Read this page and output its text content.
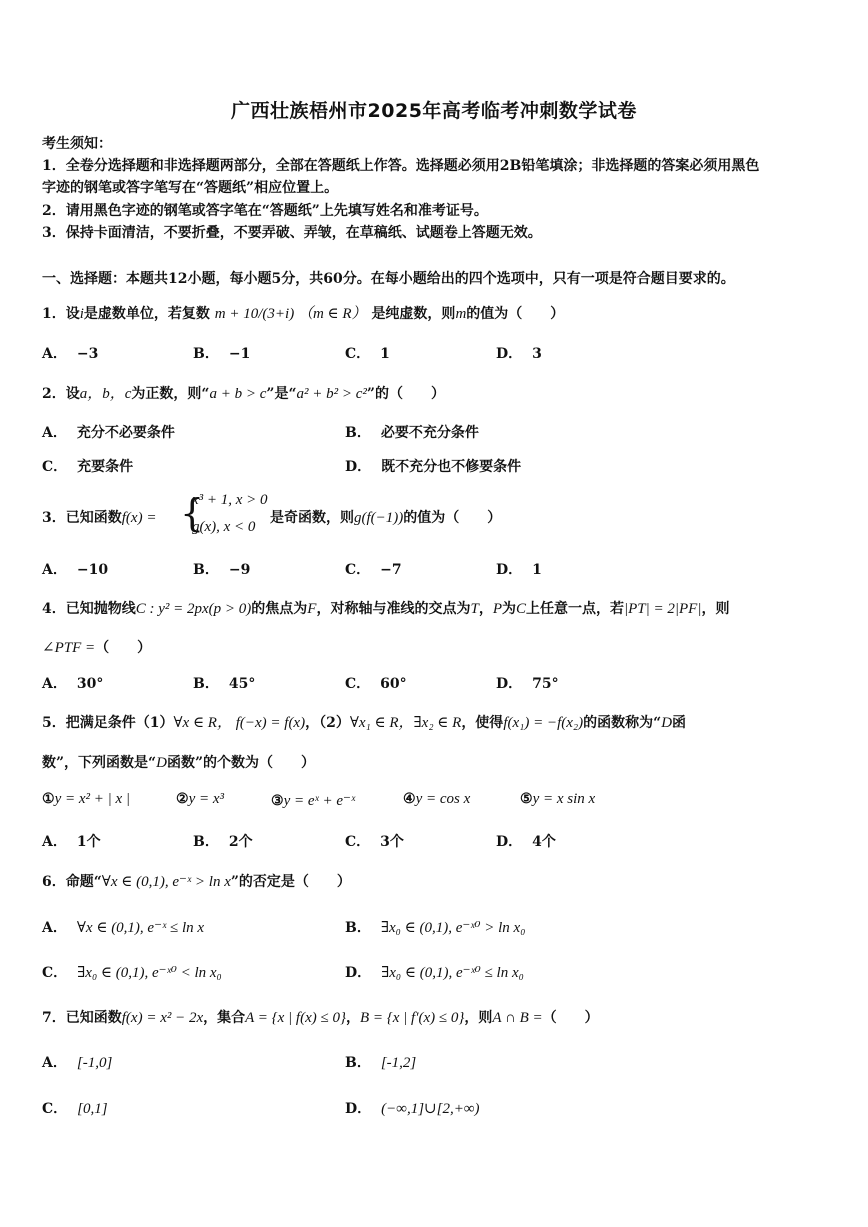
广西壮族梧州市2025年高考临考冲刺数学试卷
考生须知：
1．全卷分选择题和非选择题两部分，全部在答题纸上作答。选择题必须用2B铅笔填涂；非选择题的答案必须用黑色
字迹的钢笔或答字笔写在“答题纸”相应位置上。
2．请用黑色字迹的钢笔或答字笔在“答题纸”上先填写姓名和准考证号。
3．保持卡面清洁，不要折叠，不要弄破、弄皱，在草稿纸、试题卷上答题无效。
一、选择题：本题共12小题，每小题5分，共60分。在每小题给出的四个选项中，只有一项是符合题目要求的。
1．设i是虚数单位，若复数 m + 10/(3+i) （m ∈ R） 是纯虚数，则m的值为（　　）
A． −3	B． −1	C． 1	D． 3
2．设a，b，c为正数，则“a + b > c”是“a² + b² > c²”的（　　）
A． 充分不必要条件	B． 必要不充分条件
C． 充要条件	D． 既不充分也不修要条件
3．已知函数f(x) = {
x³ + 1, x > 0
g(x), x < 0
是奇函数，则g(f(−1))的值为（　　）
A． −10	B． −9	C． −7	D． 1
4．已知抛物线C : y² = 2px(p > 0)的焦点为F，对称轴与准线的交点为T，P为C上任意一点，若|PT| = 2|PF|，则
∠PTF =（　　）
A． 30°	B． 45°	C． 60°	D． 75°
5．把满足条件（1）∀x ∈ R， f(−x) = f(x)，（2）∀x₁ ∈ R，∃x₂ ∈ R，使得f(x₁) = −f(x₂)的函数称为“D函
数”，下列函数是“D函数”的个数为（　　）
①y = x² + | x |	②y = x³	③y = eˣ + e⁻ˣ	④y = cos x	⑤y = x sin x
A． 1个	B． 2个	C． 3个	D． 4个
6．命题“∀x ∈ (0,1), e⁻ˣ > ln x”的否定是（　　）
A． ∀x ∈ (0,1), e⁻ˣ ≤ ln x	B． ∃x₀ ∈ (0,1), e⁻ˣ⁰ > ln x₀
C． ∃x₀ ∈ (0,1), e⁻ˣ⁰ < ln x₀	D． ∃x₀ ∈ (0,1), e⁻ˣ⁰ ≤ ln x₀
7．已知函数f(x) = x² − 2x，集合A = {x | f(x) ≤ 0}，B = {x | f′(x) ≤ 0}，则A ∩ B =（　　）
A． [-1,0]	B． [-1,2]
C． [0,1]	D． (−∞,1]∪[2,+∞)
